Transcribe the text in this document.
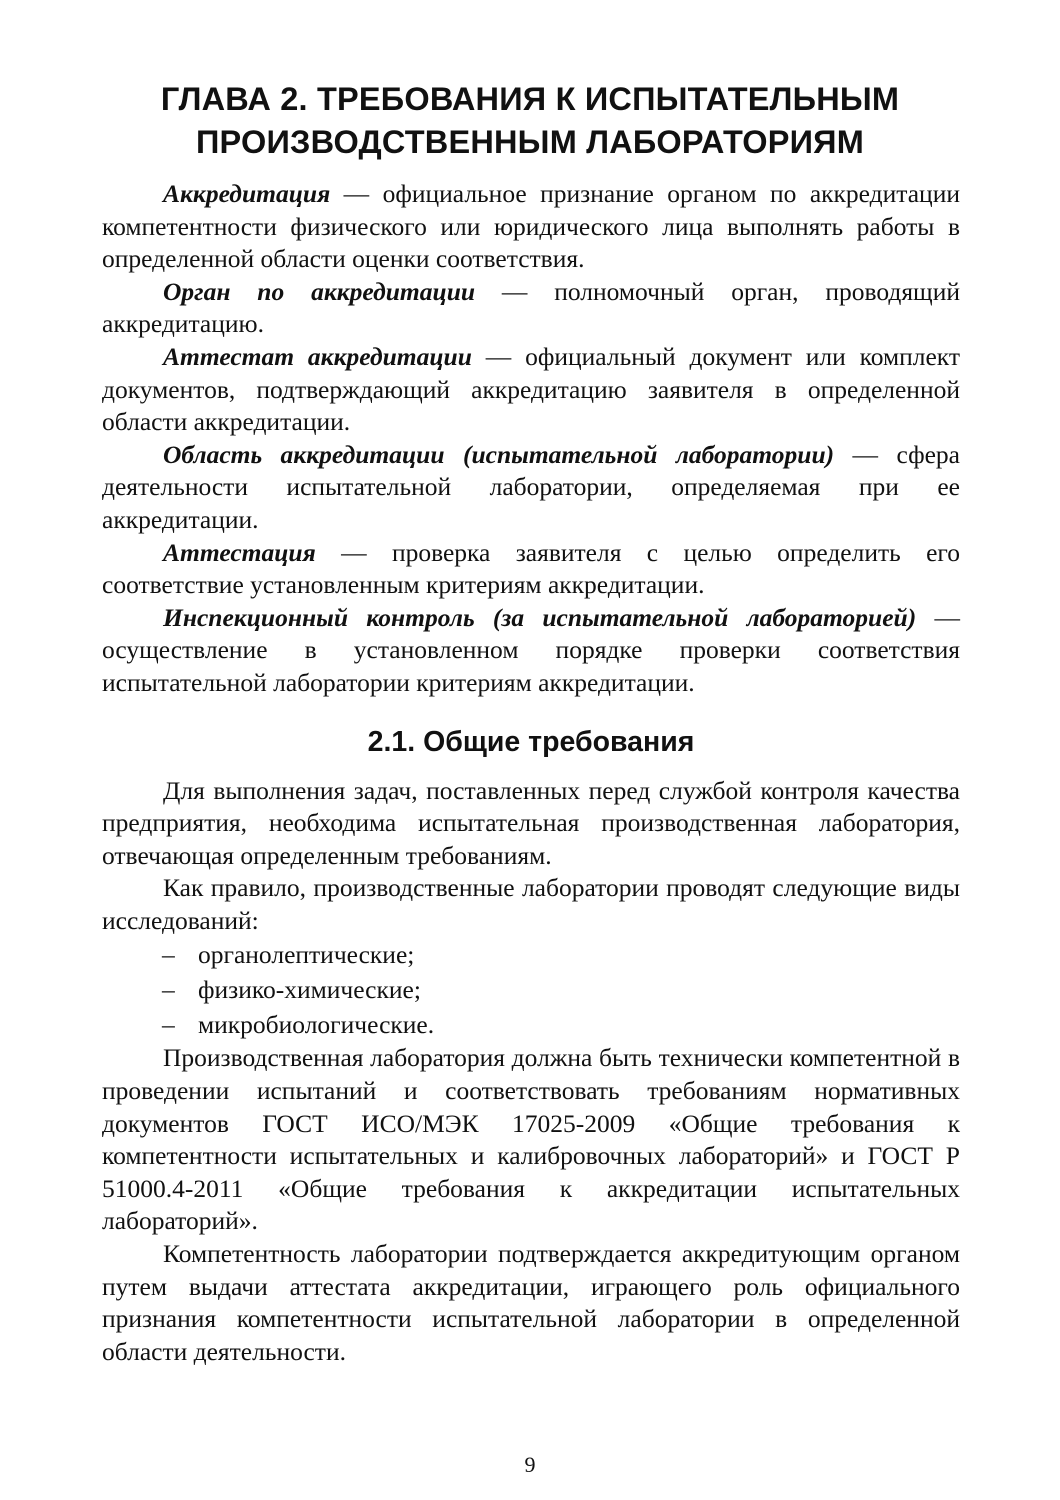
ГЛАВА 2. ТРЕБОВАНИЯ К ИСПЫТАТЕЛЬНЫМ
ПРОИЗВОДСТВЕННЫМ ЛАБОРАТОРИЯМ

Аккредитация — официальное признание органом по аккредитации компетентности физического или юридического лица выполнять работы в определенной области оценки соответствия.

Орган по аккредитации — полномочный орган, проводящий аккредитацию.

Аттестат аккредитации — официальный документ или комплект документов, подтверждающий аккредитацию заявителя в определенной области аккредитации.

Область аккредитации (испытательной лаборатории) — сфера деятельности испытательной лаборатории, определяемая при ее аккредитации.

Аттестация — проверка заявителя с целью определить его соответствие установленным критериям аккредитации.

Инспекционный контроль (за испытательной лабораторией) — осуществление в установленном порядке проверки соответствия испытательной лаборатории критериям аккредитации.

2.1. Общие требования

Для выполнения задач, поставленных перед службой контроля качества предприятия, необходима испытательная производственная лаборатория, отвечающая определенным требованиям.

Как правило, производственные лаборатории проводят следующие виды исследований:

– органолептические;
– физико-химические;
– микробиологические.

Производственная лаборатория должна быть технически компетентной в проведении испытаний и соответствовать требованиям нормативных документов ГОСТ ИСО/МЭК 17025-2009 «Общие требования к компетентности испытательных и калибровочных лабораторий» и ГОСТ Р 51000.4-2011 «Общие требования к аккредитации испытательных лабораторий».

Компетентность лаборатории подтверждается аккредитующим органом путем выдачи аттестата аккредитации, играющего роль официального признания компетентности испытательной лаборатории в определенной области деятельности.

9
